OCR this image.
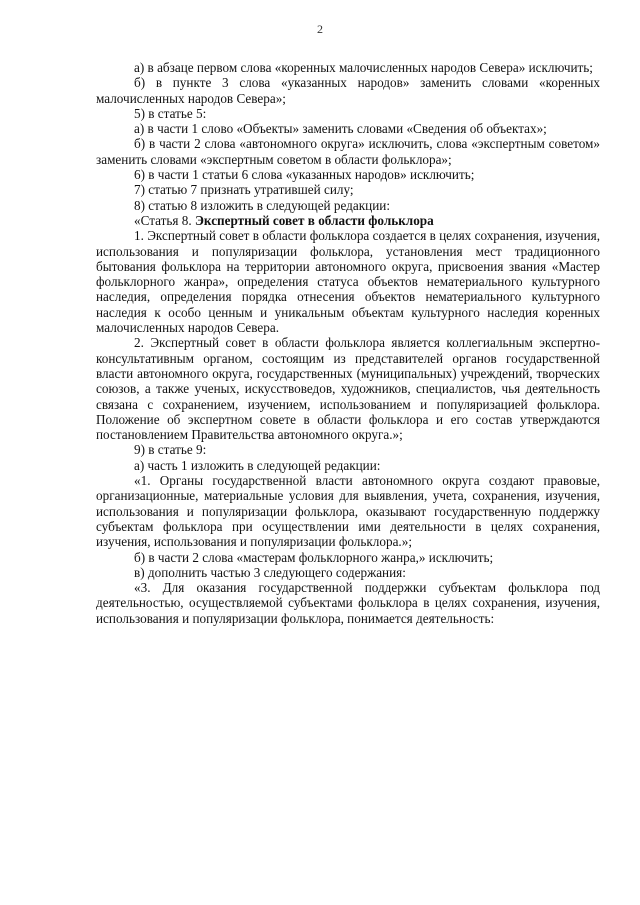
2

а) в абзаце первом слова «коренных малочисленных народов Севера» исключить;

б) в пункте 3 слова «указанных народов» заменить словами «коренных малочисленных народов Севера»;

5) в статье 5:

а) в части 1 слово «Объекты» заменить словами «Сведения об объектах»;

б) в части 2 слова «автономного округа» исключить, слова «экспертным советом» заменить словами «экспертным советом в области фольклора»;

6) в части 1 статьи 6 слова «указанных народов» исключить;

7) статью 7 признать утратившей силу;

8) статью 8 изложить в следующей редакции:

«Статья 8. Экспертный совет в области фольклора

1. Экспертный совет в области фольклора создается в целях сохранения, изучения, использования и популяризации фольклора, установления мест традиционного бытования фольклора на территории автономного округа, присвоения звания «Мастер фольклорного жанра», определения статуса объектов нематериального культурного наследия, определения порядка отнесения объектов нематериального культурного наследия к особо ценным и уникальным объектам культурного наследия коренных малочисленных народов Севера.

2. Экспертный совет в области фольклора является коллегиальным экспертно-консультативным органом, состоящим из представителей органов государственной власти автономного округа, государственных (муниципальных) учреждений, творческих союзов, а также ученых, искусствоведов, художников, специалистов, чья деятельность связана с сохранением, изучением, использованием и популяризацией фольклора. Положение об экспертном совете в области фольклора и его состав утверждаются постановлением Правительства автономного округа.»;

9) в статье 9:

а) часть 1 изложить в следующей редакции:

«1. Органы государственной власти автономного округа создают правовые, организационные, материальные условия для выявления, учета, сохранения, изучения, использования и популяризации фольклора, оказывают государственную поддержку субъектам фольклора при осуществлении ими деятельности в целях сохранения, изучения, использования и популяризации фольклора.»;

б) в части 2 слова «мастерам фольклорного жанра,» исключить;

в) дополнить частью 3 следующего содержания:

«3. Для оказания государственной поддержки субъектам фольклора под деятельностью, осуществляемой субъектами фольклора в целях сохранения, изучения, использования и популяризации фольклора, понимается деятельность:
